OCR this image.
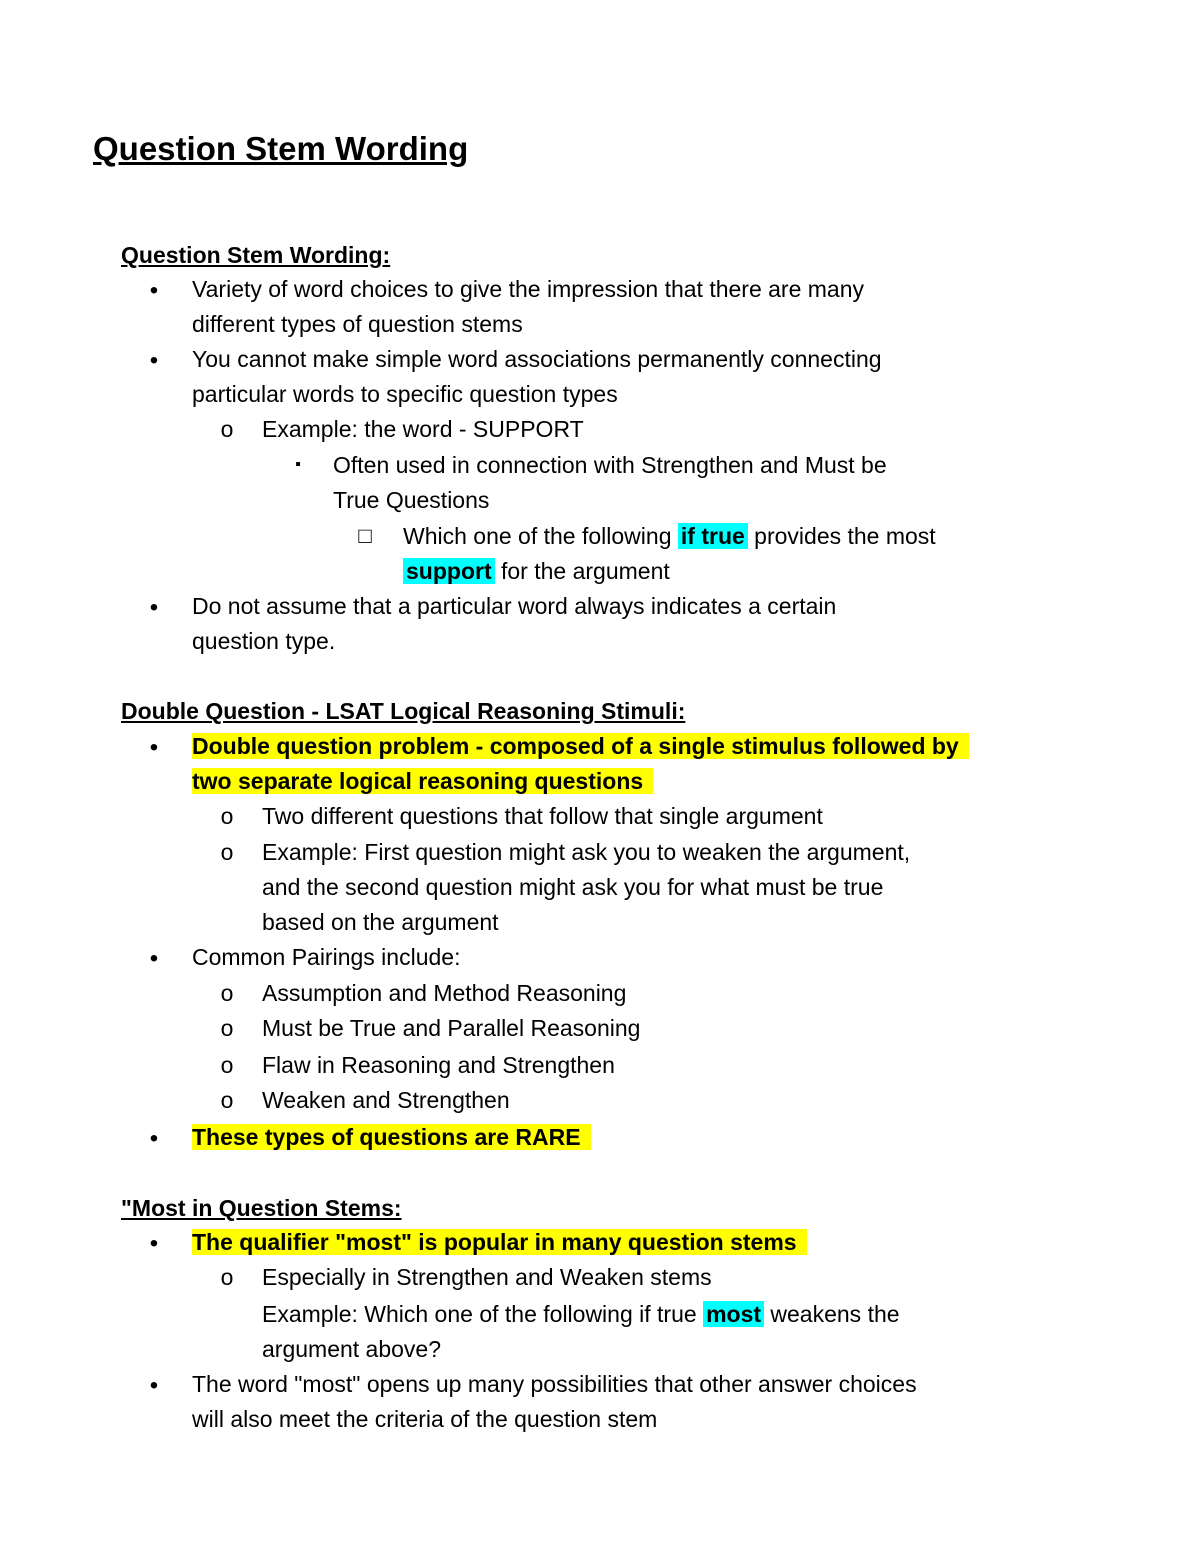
Question Stem Wording
Question Stem Wording:
• Variety of word choices to give the impression that there are many
different types of question stems
• You cannot make simple word associations permanently connecting
particular words to specific question types
o Example: the word - SUPPORT
▪ Often used in connection with Strengthen and Must be
True Questions
□ Which one of the following if true provides the most
support for the argument
• Do not assume that a particular word always indicates a certain
question type.
Double Question - LSAT Logical Reasoning Stimuli:
• Double question problem - composed of a single stimulus followed by
two separate logical reasoning questions
o Two different questions that follow that single argument
o Example: First question might ask you to weaken the argument,
and the second question might ask you for what must be true
based on the argument
• Common Pairings include:
o Assumption and Method Reasoning
o Must be True and Parallel Reasoning
o Flaw in Reasoning and Strengthen
o Weaken and Strengthen
• These types of questions are RARE
"Most in Question Stems:
• The qualifier "most" is popular in many question stems
o Especially in Strengthen and Weaken stems
Example: Which one of the following if true most weakens the
argument above?
• The word "most" opens up many possibilities that other answer choices
will also meet the criteria of the question stem
